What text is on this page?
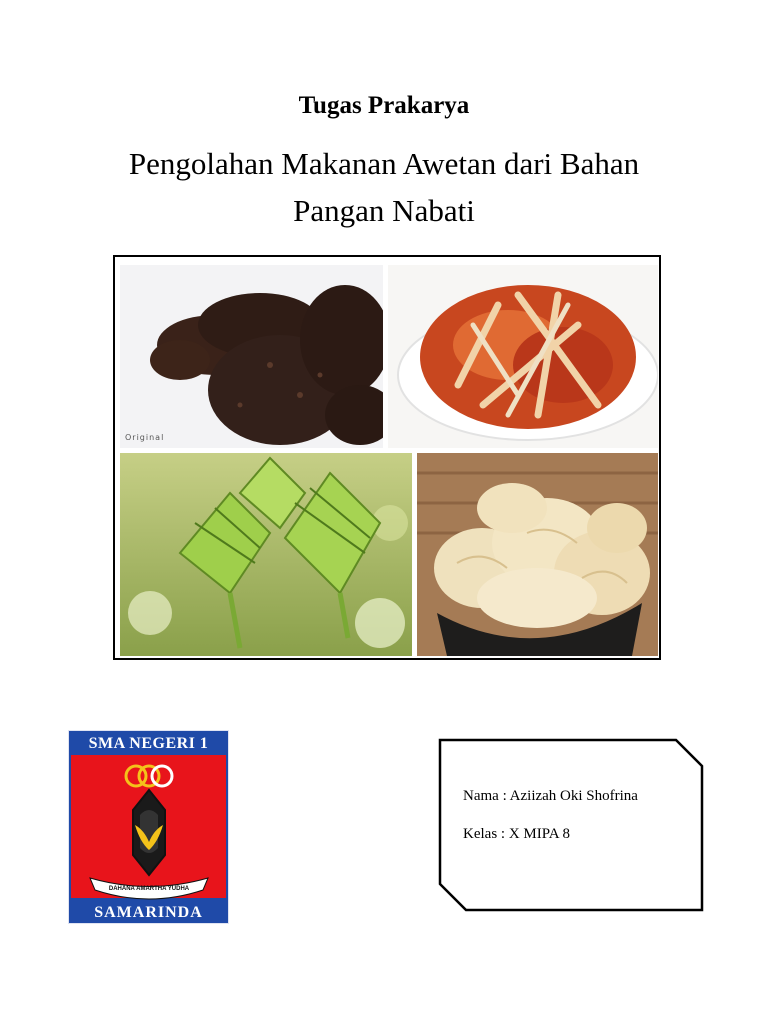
Tugas Prakarya
Pengolahan Makanan Awetan dari Bahan
Pangan Nabati
Original
DAHANA AMARTHA YUDHA
SMA NEGERI 1
SAMARINDA
Nama : Aziizah Oki Shofrina
Kelas : X MIPA 8
